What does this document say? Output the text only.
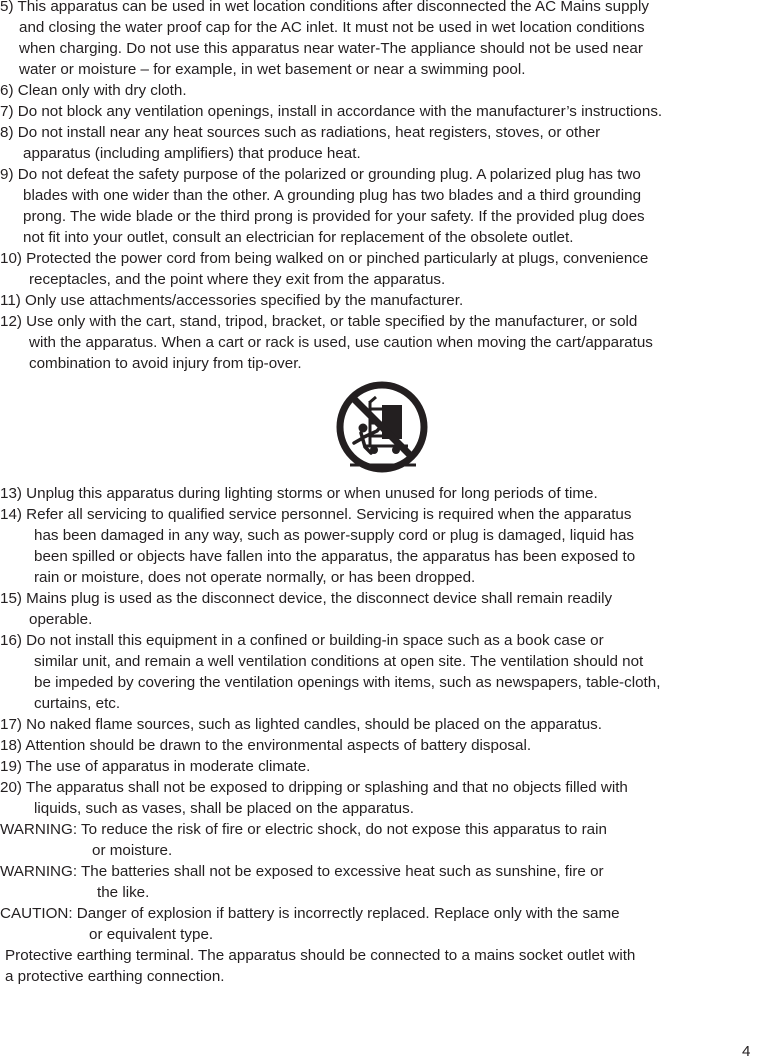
5) This apparatus can be used in wet location conditions after disconnected the AC Mains supply
and closing the water proof cap for the AC inlet. It must not be used in wet location conditions
when charging. Do not use this apparatus near water-The appliance should not be used near
water or moisture – for example, in wet basement or near a swimming pool.
6) Clean only with dry cloth.
7) Do not block any ventilation openings, install in accordance with the manufacturer’s instructions.
8) Do not install near any heat sources such as radiations, heat registers, stoves, or other
apparatus (including amplifiers) that produce heat.
9) Do not defeat the safety purpose of the polarized or grounding plug. A polarized plug has two
blades with one wider than the other. A grounding plug has two blades and a third grounding
prong. The wide blade or the third prong is provided for your safety. If the provided plug does
not fit into your outlet, consult an electrician for replacement of the obsolete outlet.
10) Protected the power cord from being walked on or pinched particularly at plugs, convenience
receptacles, and the point where they exit from the apparatus.
11) Only use attachments/accessories specified by the manufacturer.
12) Use only with the cart, stand, tripod, bracket, or table specified by the manufacturer, or sold
with the apparatus. When a cart or rack is used, use caution when moving the cart/apparatus
combination to avoid injury from tip-over.
13) Unplug this apparatus during lighting storms or when unused for long periods of time.
14) Refer all servicing to qualified service personnel. Servicing is required when the apparatus
has been damaged in any way, such as power-supply cord or plug is damaged, liquid has
been spilled or objects have fallen into the apparatus, the apparatus has been exposed to
rain or moisture, does not operate normally, or has been dropped.
15) Mains plug is used as the disconnect device, the disconnect device shall remain readily
operable.
16) Do not install this equipment in a confined or building-in space such as a book case or
similar unit, and remain a well ventilation conditions at open site. The ventilation should not
be impeded by covering the ventilation openings with items, such as newspapers, table-cloth,
curtains, etc.
17) No naked flame sources, such as lighted candles, should be placed on the apparatus.
18) Attention should be drawn to the environmental aspects of battery disposal.
19) The use of apparatus in moderate climate.
20) The apparatus shall not be exposed to dripping or splashing and that no objects filled with
liquids, such as vases, shall be placed on the apparatus.
WARNING: To reduce the risk of fire or electric shock, do not expose this apparatus to rain
or moisture.
WARNING: The batteries shall not be exposed to excessive heat such as sunshine, fire or
the like.
CAUTION: Danger of explosion if battery is incorrectly replaced. Replace only with the same
or equivalent type.
Protective earthing terminal. The apparatus should be connected to a mains socket outlet with
a protective earthing connection.
4
